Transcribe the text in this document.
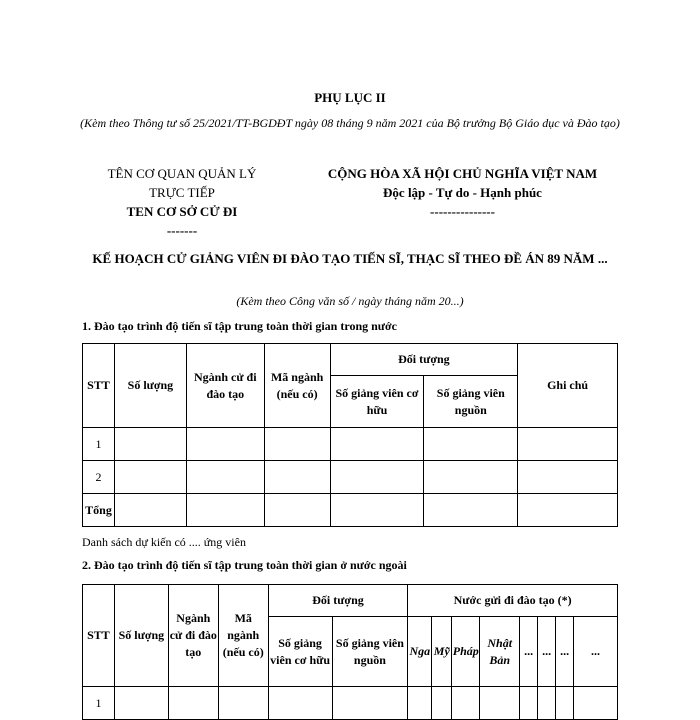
PHỤ LỤC II
(Kèm theo Thông tư số 25/2021/TT-BGDĐT ngày 08 tháng 9 năm 2021 của Bộ trưởng Bộ Giáo dục và Đào tạo)
TÊN CƠ QUAN QUẢN LÝ
TRỰC TIẾP
TEN CƠ SỞ CỬ ĐI
-------
CỘNG HÒA XÃ HỘI CHỦ NGHĨA VIỆT NAM
Độc lập - Tự do - Hạnh phúc
---------------
KẾ HOẠCH CỬ GIẢNG VIÊN ĐI ĐÀO TẠO TIẾN SĨ, THẠC SĨ THEO ĐỀ ÁN 89 NĂM ...
(Kèm theo Công văn số / ngày tháng năm 20...)
1. Đào tạo trình độ tiến sĩ tập trung toàn thời gian trong nước
STT	Số lượng	Ngành cử đi đào tạo	Mã ngành (nếu có)	Đối tượng		Ghi chú
				Số giảng viên cơ hữu	Số giảng viên nguồn	
1						
2						
Tổng						
Danh sách dự kiến có .... ứng viên
2. Đào tạo trình độ tiến sĩ tập trung toàn thời gian ở nước ngoài
STT	Số lượng	Ngành cử đi đào tạo	Mã ngành (nếu có)	Đối tượng		Nước gửi đi đào tạo (*)							
				Số giảng viên cơ hữu	Số giảng viên nguồn	Nga	Mỹ	Pháp	Nhật Bản	...	...	...	...
1													
